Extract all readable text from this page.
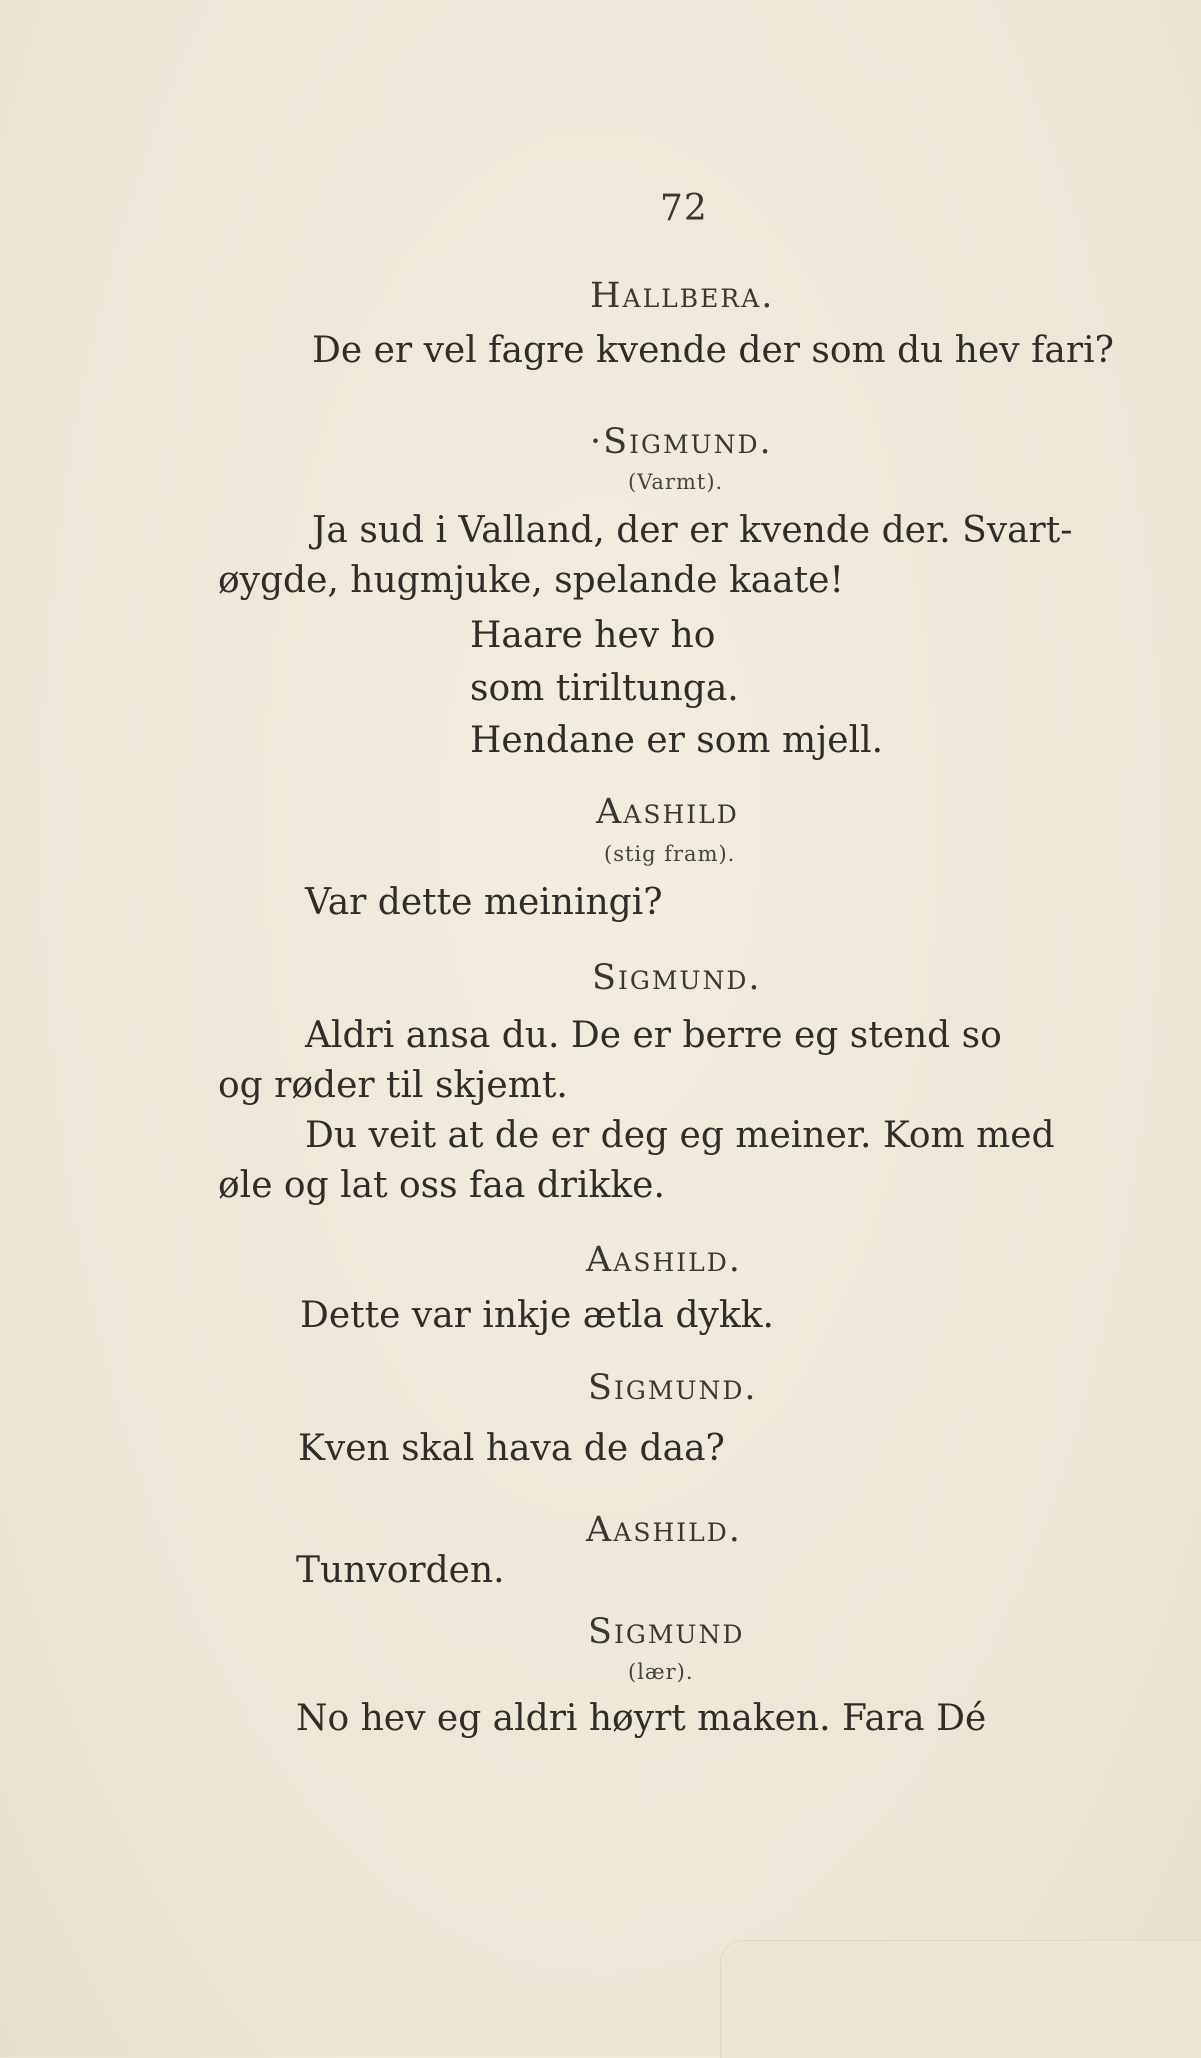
72
Hallbera.
De er vel fagre kvende der som du hev fari?
·Sigmund.
(Varmt).
Ja sud i Valland, der er kvende der. Svart-
øygde, hugmjuke, spelande kaate!
Haare hev ho
som tiriltunga.
Hendane er som mjell.
Aashild
(stig fram).
Var dette meiningi?
Sigmund.
Aldri ansa du. De er berre eg stend so
og røder til skjemt.
Du veit at de er deg eg meiner. Kom med
øle og lat oss faa drikke.
Aashild.
Dette var inkje ætla dykk.
Sigmund.
Kven skal hava de daa?
Aashild.
Tunvorden.
Sigmund
(lær).
No hev eg aldri høyrt maken. Fara Dé
